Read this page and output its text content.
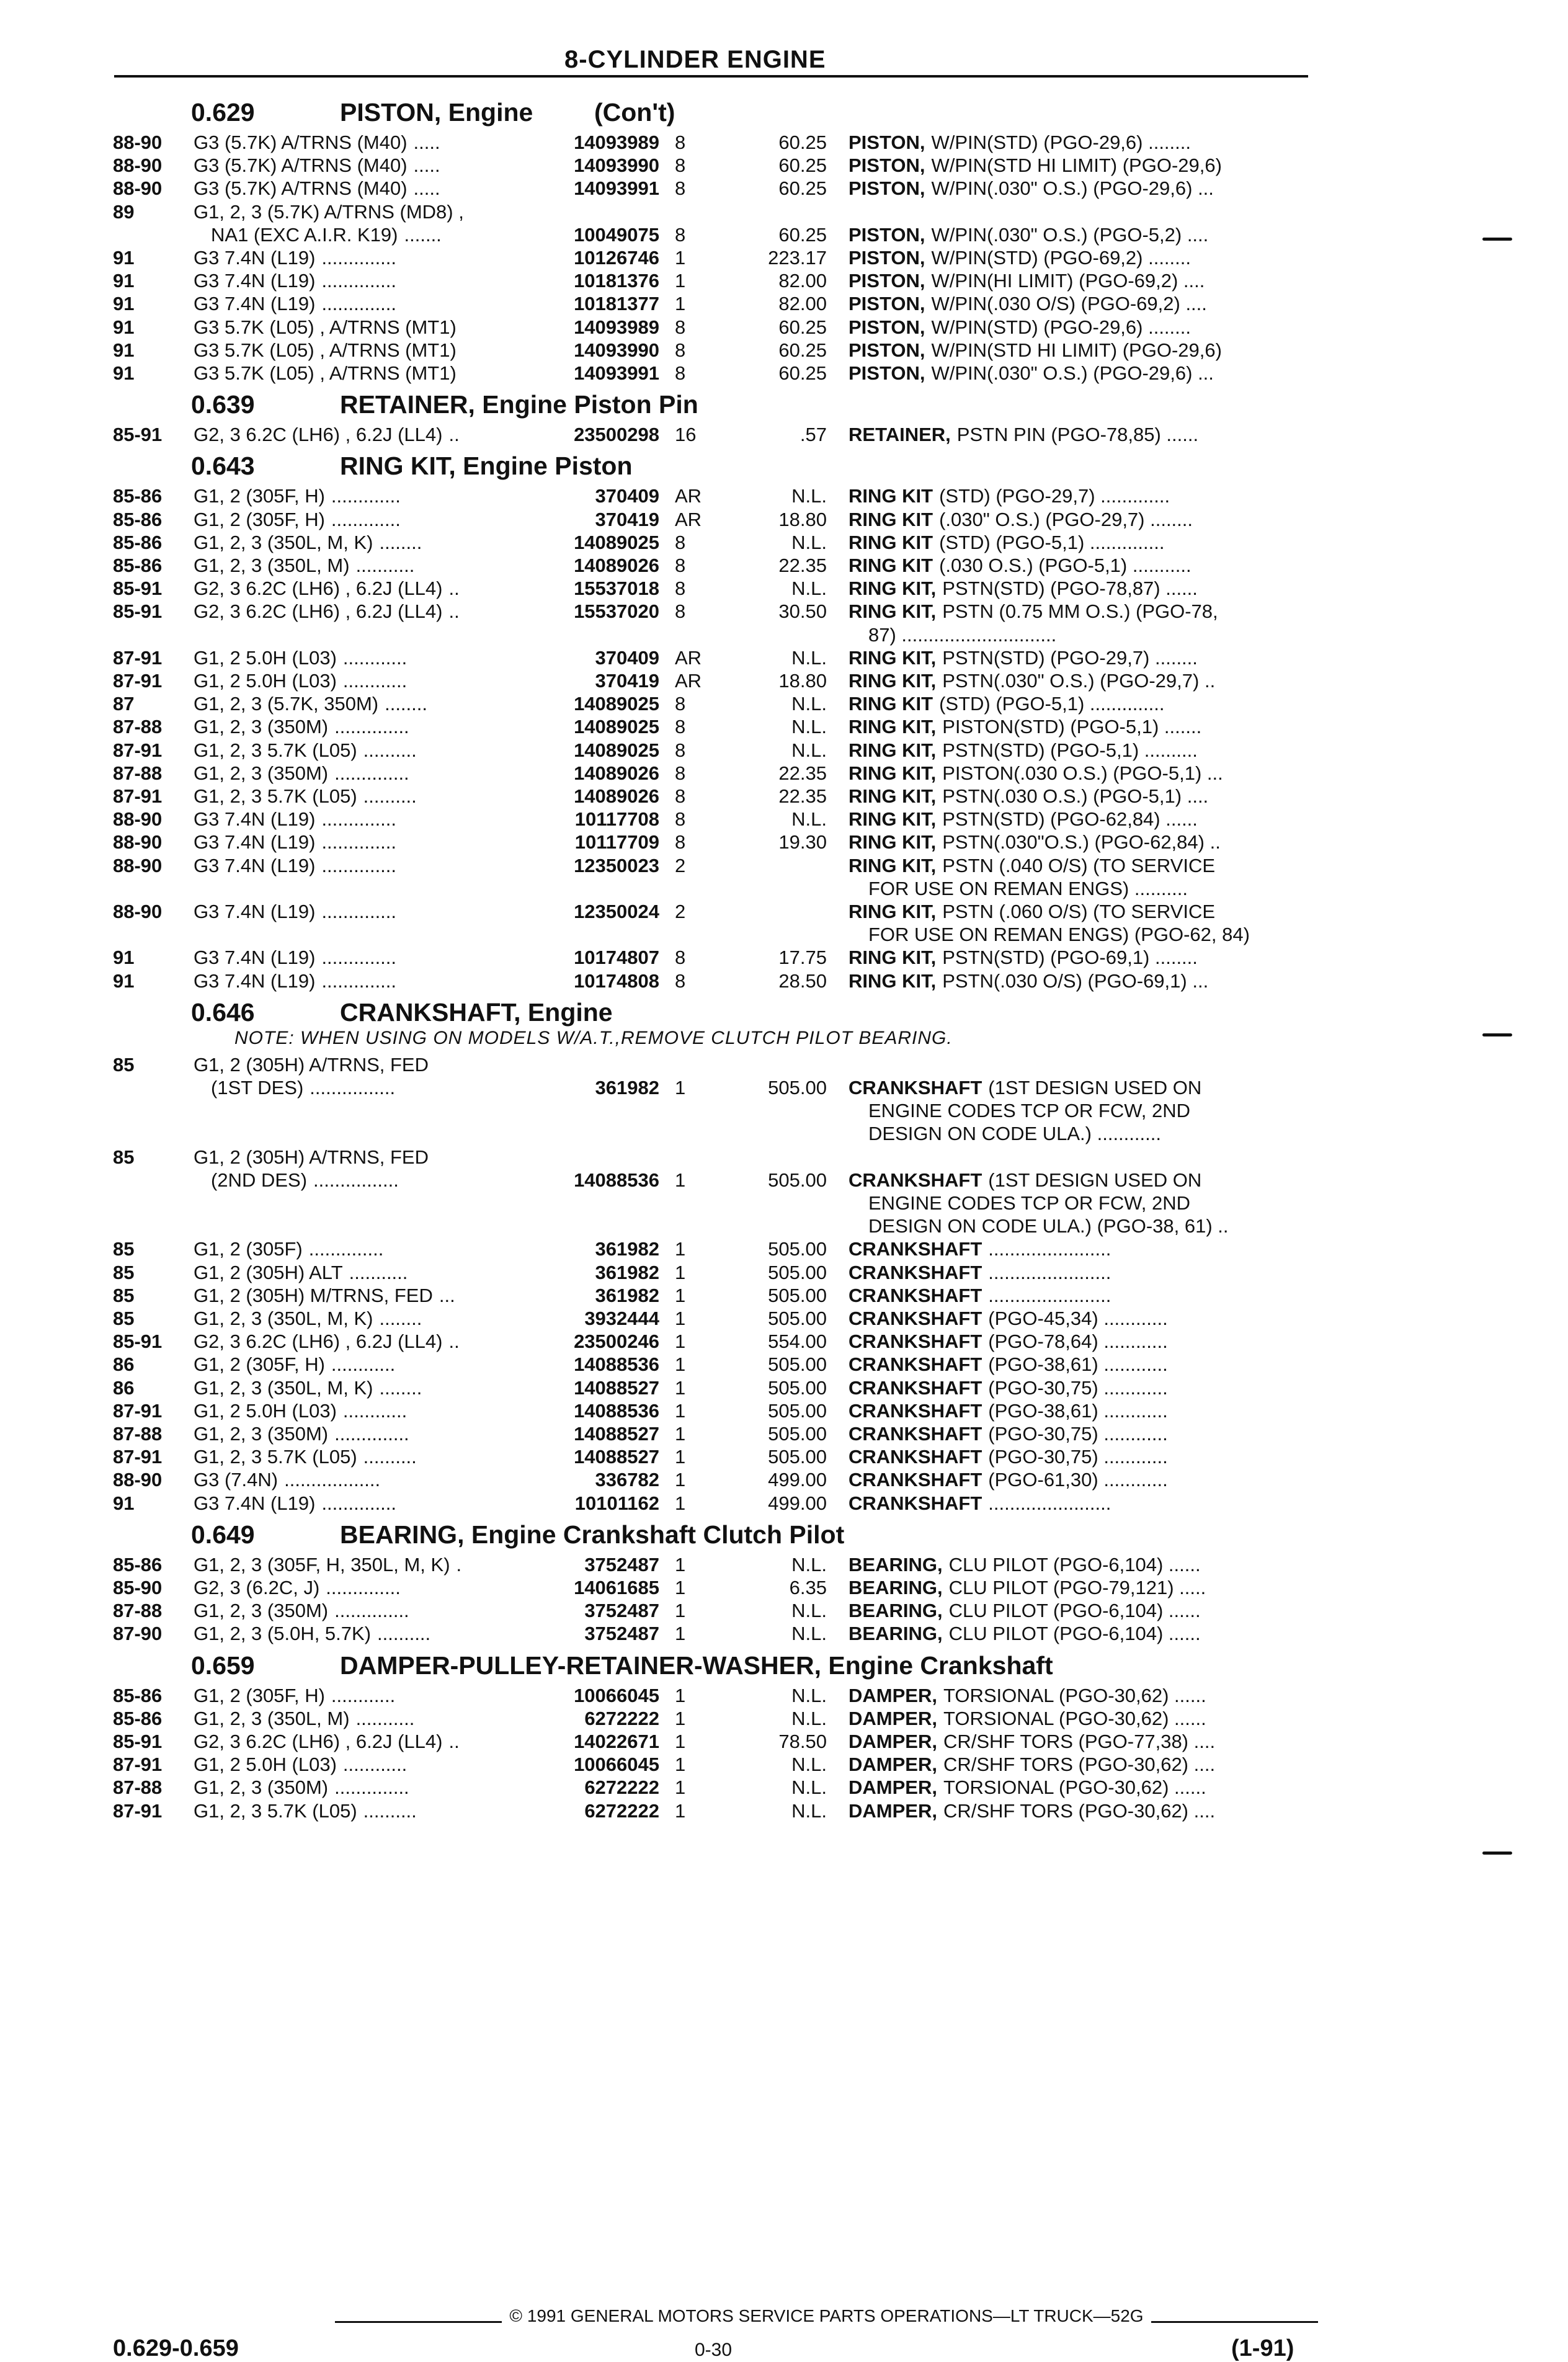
8-CYLINDER ENGINE
0.629	PISTON, Engine (Con't)
88-90 G3 (5.7K) A/TRNS (M40) .....	14093989 8	60.25 PISTON, W/PIN(STD) (PGO-29,6) ........
88-90 G3 (5.7K) A/TRNS (M40) .....	14093990 8	60.25 PISTON, W/PIN(STD HI LIMIT) (PGO-29,6)
88-90 G3 (5.7K) A/TRNS (M40) .....	14093991 8	60.25 PISTON, W/PIN(.030" O.S.) (PGO-29,6) ...
89	G1, 2, 3 (5.7K) A/TRNS (MD8) ,
NA1 (EXC A.I.R. K19) .......	10049075 8	60.25 PISTON, W/PIN(.030" O.S.) (PGO-5,2) ....
91	G3 7.4N (L19) ..............	10126746 1	223.17 PISTON, W/PIN(STD) (PGO-69,2) ........
91	G3 7.4N (L19) ..............	10181376 1	82.00 PISTON, W/PIN(HI LIMIT) (PGO-69,2) ....
91	G3 7.4N (L19) ..............	10181377 1	82.00 PISTON, W/PIN(.030 O/S) (PGO-69,2) ....
91	G3 5.7K (L05) , A/TRNS (MT1)	14093989 8	60.25 PISTON, W/PIN(STD) (PGO-29,6) ........
91	G3 5.7K (L05) , A/TRNS (MT1)	14093990 8	60.25 PISTON, W/PIN(STD HI LIMIT) (PGO-29,6)
91	G3 5.7K (L05) , A/TRNS (MT1)	14093991 8	60.25 PISTON, W/PIN(.030" O.S.) (PGO-29,6) ...
0.639	RETAINER, Engine Piston Pin
85-91 G2, 3 6.2C (LH6) , 6.2J (LL4) ..	23500298 16	.57 RETAINER, PSTN PIN (PGO-78,85) ......
0.643	RING KIT, Engine Piston
85-86 G1, 2 (305F, H) .............	370409 AR	N.L. RING KIT (STD) (PGO-29,7) .............
85-86 G1, 2 (305F, H) .............	370419 AR	18.80 RING KIT (.030" O.S.) (PGO-29,7) ........
85-86 G1, 2, 3 (350L, M, K) ........	14089025 8	N.L. RING KIT (STD) (PGO-5,1) ..............
85-86 G1, 2, 3 (350L, M) ...........	14089026 8	22.35 RING KIT (.030 O.S.) (PGO-5,1) ...........
85-91 G2, 3 6.2C (LH6) , 6.2J (LL4) ..	15537018 8	N.L. RING KIT, PSTN(STD) (PGO-78,87) ......
85-91 G2, 3 6.2C (LH6) , 6.2J (LL4) ..	15537020 8	30.50 RING KIT, PSTN (0.75 MM O.S.) (PGO-78,
87) .............................
87-91 G1, 2 5.0H (L03) ............	370409 AR	N.L. RING KIT, PSTN(STD) (PGO-29,7) ........
87-91 G1, 2 5.0H (L03) ............	370419 AR	18.80 RING KIT, PSTN(.030" O.S.) (PGO-29,7) ..
87	G1, 2, 3 (5.7K, 350M) ........	14089025 8	N.L. RING KIT (STD) (PGO-5,1) ..............
87-88 G1, 2, 3 (350M) ..............	14089025 8	N.L. RING KIT, PISTON(STD) (PGO-5,1) .......
87-91 G1, 2, 3 5.7K (L05) ..........	14089025 8	N.L. RING KIT, PSTN(STD) (PGO-5,1) ..........
87-88 G1, 2, 3 (350M) ..............	14089026 8	22.35 RING KIT, PISTON(.030 O.S.) (PGO-5,1) ...
87-91 G1, 2, 3 5.7K (L05) ..........	14089026 8	22.35 RING KIT, PSTN(.030 O.S.) (PGO-5,1) ....
88-90 G3 7.4N (L19) ..............	10117708 8	N.L. RING KIT, PSTN(STD) (PGO-62,84) ......
88-90 G3 7.4N (L19) ..............	10117709 8	19.30 RING KIT, PSTN(.030"O.S.) (PGO-62,84) ..
88-90 G3 7.4N (L19) ..............	12350023 2	RING KIT, PSTN (.040 O/S) (TO SERVICE
FOR USE ON REMAN ENGS) ..........
88-90 G3 7.4N (L19) ..............	12350024 2	RING KIT, PSTN (.060 O/S) (TO SERVICE
FOR USE ON REMAN ENGS) (PGO-62, 84)
91	G3 7.4N (L19) ..............	10174807 8	17.75 RING KIT, PSTN(STD) (PGO-69,1) ........
91	G3 7.4N (L19) ..............	10174808 8	28.50 RING KIT, PSTN(.030 O/S) (PGO-69,1) ...
0.646	CRANKSHAFT, Engine
NOTE: WHEN USING ON MODELS W/A.T.,REMOVE CLUTCH PILOT BEARING.
85	G1, 2 (305H) A/TRNS, FED
(1ST DES) ................	361982 1	505.00 CRANKSHAFT (1ST DESIGN USED ON
ENGINE CODES TCP OR FCW, 2ND
DESIGN ON CODE ULA.) ............
85	G1, 2 (305H) A/TRNS, FED
(2ND DES) ................	14088536 1	505.00 CRANKSHAFT (1ST DESIGN USED ON
ENGINE CODES TCP OR FCW, 2ND
DESIGN ON CODE ULA.) (PGO-38, 61) ..
85	G1, 2 (305F) ..............	361982 1	505.00 CRANKSHAFT .......................
85	G1, 2 (305H) ALT ...........	361982 1	505.00 CRANKSHAFT .......................
85	G1, 2 (305H) M/TRNS, FED ...	361982 1	505.00 CRANKSHAFT .......................
85	G1, 2, 3 (350L, M, K) ........	3932444 1	505.00 CRANKSHAFT (PGO-45,34) ............
85-91 G2, 3 6.2C (LH6) , 6.2J (LL4) ..	23500246 1	554.00 CRANKSHAFT (PGO-78,64) ............
86	G1, 2 (305F, H) ............	14088536 1	505.00 CRANKSHAFT (PGO-38,61) ............
86	G1, 2, 3 (350L, M, K) ........	14088527 1	505.00 CRANKSHAFT (PGO-30,75) ............
87-91 G1, 2 5.0H (L03) ............	14088536 1	505.00 CRANKSHAFT (PGO-38,61) ............
87-88 G1, 2, 3 (350M) ..............	14088527 1	505.00 CRANKSHAFT (PGO-30,75) ............
87-91 G1, 2, 3 5.7K (L05) ..........	14088527 1	505.00 CRANKSHAFT (PGO-30,75) ............
88-90 G3 (7.4N) ..................	336782 1	499.00 CRANKSHAFT (PGO-61,30) ............
91	G3 7.4N (L19) ..............	10101162 1	499.00 CRANKSHAFT .......................
0.649	BEARING, Engine Crankshaft Clutch Pilot
85-86 G1, 2, 3 (305F, H, 350L, M, K) .	3752487 1	N.L. BEARING, CLU PILOT (PGO-6,104) ......
85-90 G2, 3 (6.2C, J) ..............	14061685 1	6.35 BEARING, CLU PILOT (PGO-79,121) .....
87-88 G1, 2, 3 (350M) ..............	3752487 1	N.L. BEARING, CLU PILOT (PGO-6,104) ......
87-90 G1, 2, 3 (5.0H, 5.7K) ..........	3752487 1	N.L. BEARING, CLU PILOT (PGO-6,104) ......
0.659	DAMPER-PULLEY-RETAINER-WASHER, Engine Crankshaft
85-86 G1, 2 (305F, H) ............	10066045 1	N.L. DAMPER, TORSIONAL (PGO-30,62) ......
85-86 G1, 2, 3 (350L, M) ...........	6272222 1	N.L. DAMPER, TORSIONAL (PGO-30,62) ......
85-91 G2, 3 6.2C (LH6) , 6.2J (LL4) ..	14022671 1	78.50 DAMPER, CR/SHF TORS (PGO-77,38) ....
87-91 G1, 2 5.0H (L03) ............	10066045 1	N.L. DAMPER, CR/SHF TORS (PGO-30,62) ....
87-88 G1, 2, 3 (350M) ..............	6272222 1	N.L. DAMPER, TORSIONAL (PGO-30,62) ......
87-91 G1, 2, 3 5.7K (L05) ..........	6272222 1	N.L. DAMPER, CR/SHF TORS (PGO-30,62) ....
© 1991 GENERAL MOTORS SERVICE PARTS OPERATIONS—LT TRUCK—52G
0.629-0.659	0-30	(1-91)
